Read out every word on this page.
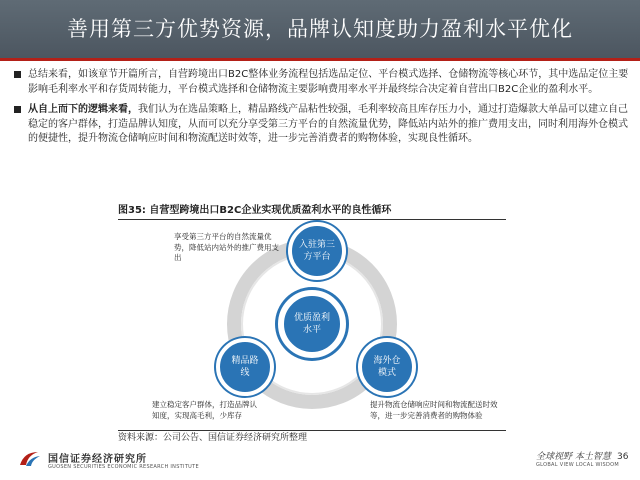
善用第三方优势资源，品牌认知度助力盈利水平优化
总结来看，如该章节开篇所言，自营跨境出口B2C整体业务流程包括选品定位、平台模式选择、仓储物流等核心环节，其中选品定位主要影响毛利率水平和存货周转能力，平台模式选择和仓储物流主要影响费用率水平并最终综合决定着自营出口B2C企业的盈利水平。
从自上而下的逻辑来看，我们认为在选品策略上，精品路线产品粘性较强，毛利率较高且库存压力小，通过打造爆款大单品可以建立自己稳定的客户群体，打造品牌认知度，从而可以充分享受第三方平台的自然流量优势，降低站内站外的推广费用支出，同时利用海外仓模式的便捷性，提升物流仓储响应时间和物流配送时效等，进一步完善消费者的购物体验，实现良性循环。
图35: 自营型跨境出口B2C企业实现优质盈利水平的良性循环
优质盈利水平
入驻第三方平台
精品路线
海外仓模式
享受第三方平台的自然流量优势，降低站内站外的推广费用支出
建立稳定客户群体，打造品牌认知度，实现高毛利，少库存
提升物流仓储响应时间和物流配送时效等，进一步完善消费者的购物体验
资料来源：公司公告、国信证券经济研究所整理
国信证券经济研究所
GUOSEN SECURITIES ECONOMIC RESEARCH INSTITUTE
全球视野 本土智慧
GLOBAL VIEW LOCAL WISDOM
36
